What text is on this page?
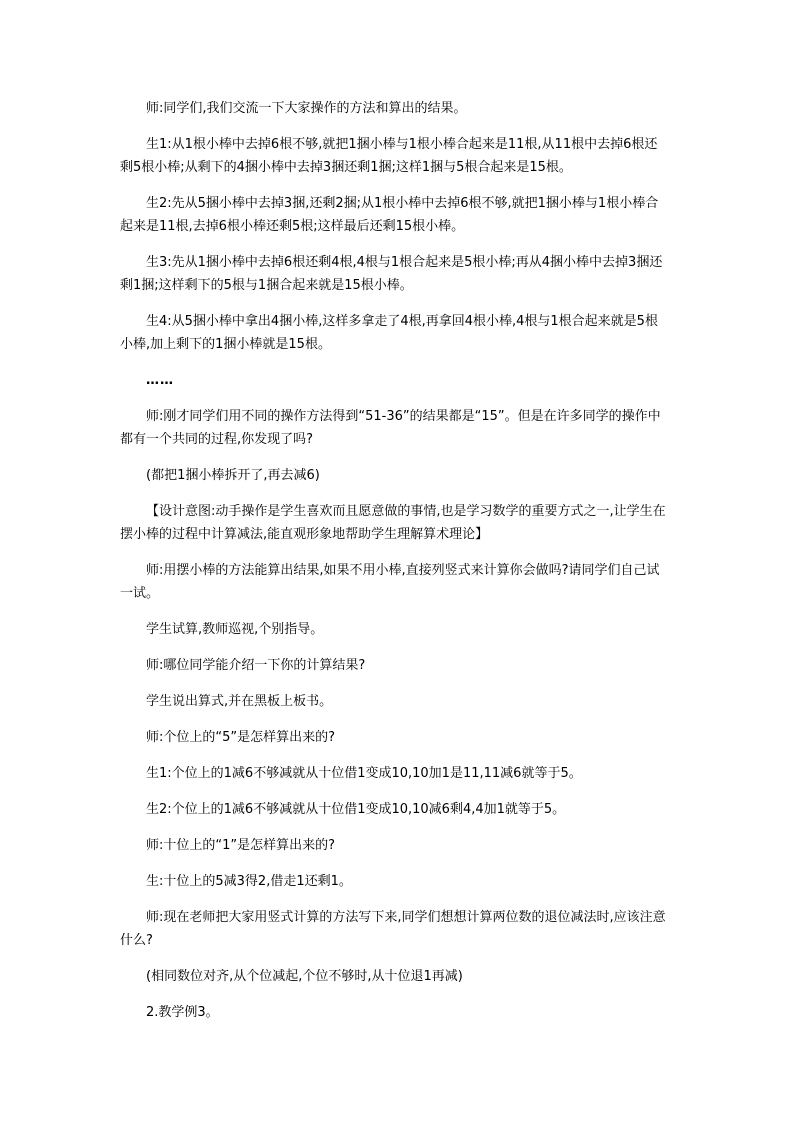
师:同学们,我们交流一下大家操作的方法和算出的结果。

生1:从1根小棒中去掉6根不够,就把1捆小棒与1根小棒合起来是11根,从11根中去掉6根还剩5根小棒;从剩下的4捆小棒中去掉3捆还剩1捆;这样1捆与5根合起来是15根。

生2:先从5捆小棒中去掉3捆,还剩2捆;从1根小棒中去掉6根不够,就把1捆小棒与1根小棒合起来是11根,去掉6根小棒还剩5根;这样最后还剩15根小棒。

生3:先从1捆小棒中去掉6根还剩4根,4根与1根合起来是5根小棒;再从4捆小棒中去掉3捆还剩1捆;这样剩下的5根与1捆合起来就是15根小棒。

生4:从5捆小棒中拿出4捆小棒,这样多拿走了4根,再拿回4根小棒,4根与1根合起来就是5根小棒,加上剩下的1捆小棒就是15根。

……

师:刚才同学们用不同的操作方法得到“51-36”的结果都是“15”。但是在许多同学的操作中都有一个共同的过程,你发现了吗?

(都把1捆小棒拆开了,再去减6)

【设计意图:动手操作是学生喜欢而且愿意做的事情,也是学习数学的重要方式之一,让学生在摆小棒的过程中计算减法,能直观形象地帮助学生理解算术理论】

师:用摆小棒的方法能算出结果,如果不用小棒,直接列竖式来计算你会做吗?请同学们自己试一试。

学生试算,教师巡视,个别指导。

师:哪位同学能介绍一下你的计算结果?

学生说出算式,并在黑板上板书。

师:个位上的“5”是怎样算出来的?

生1:个位上的1减6不够减就从十位借1变成10,10加1是11,11减6就等于5。

生2:个位上的1减6不够减就从十位借1变成10,10减6剩4,4加1就等于5。

师:十位上的“1”是怎样算出来的?

生:十位上的5减3得2,借走1还剩1。

师:现在老师把大家用竖式计算的方法写下来,同学们想想计算两位数的退位减法时,应该注意什么?

(相同数位对齐,从个位减起,个位不够时,从十位退1再减)

2.教学例3。
